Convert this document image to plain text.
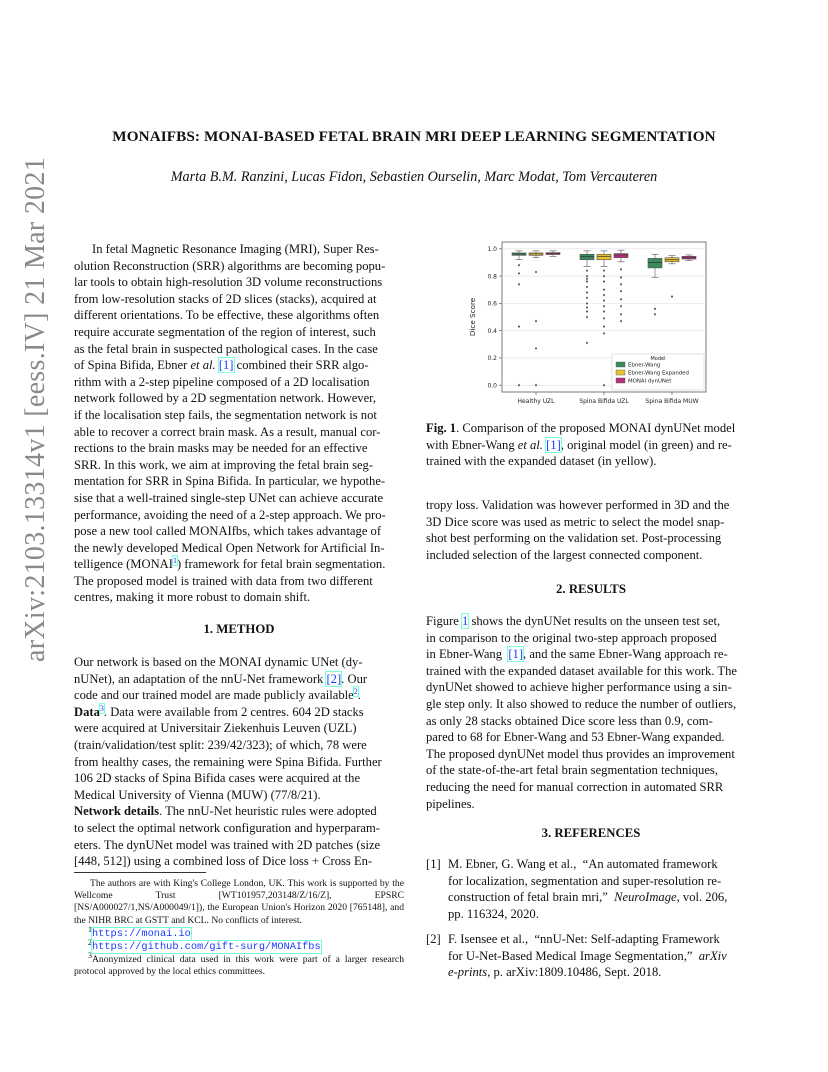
arXiv:2103.13314v1 [eess.IV] 21 Mar 2021
MONAIFBS: MONAI-BASED FETAL BRAIN MRI DEEP LEARNING SEGMENTATION
Marta B.M. Ranzini, Lucas Fidon, Sebastien Ourselin, Marc Modat, Tom Vercauteren

In fetal Magnetic Resonance Imaging (MRI), Super Res-

olution Reconstruction (SRR) algorithms are becoming popu-

lar tools to obtain high-resolution 3D volume reconstructions

from low-resolution stacks of 2D slices (stacks), acquired at

different orientations. To be effective, these algorithms often

require accurate segmentation of the region of interest, such

as the fetal brain in suspected pathological cases. In the case

of Spina Bifida, Ebner et al. [1] combined their SRR algo-

rithm with a 2-step pipeline composed of a 2D localisation

network followed by a 2D segmentation network. However,

if the localisation step fails, the segmentation network is not

able to recover a correct brain mask. As a result, manual cor-

rections to the brain masks may be needed for an effective

SRR. In this work, we aim at improving the fetal brain seg-

mentation for SRR in Spina Bifida. In particular, we hypothe-

sise that a well-trained single-step UNet can achieve accurate

performance, avoiding the need of a 2-step approach. We pro-

pose a new tool called MONAIfbs, which takes advantage of

the newly developed Medical Open Network for Artificial In-

telligence (MONAI$^1$) framework for fetal brain segmentation.

The proposed model is trained with data from two different

centres, making it more robust to domain shift.

1. METHOD

Our network is based on the MONAI dynamic UNet (dy-

nUNet), an adaptation of the nnU-Net framework [2]. Our

code and our trained model are made publicly available$^2$.

Data$^3$. Data were available from 2 centres. 604 2D stacks

were acquired at Universitair Ziekenhuis Leuven (UZL)

(train/validation/test split: 239/42/323); of which, 78 were

from healthy cases, the remaining were Spina Bifida. Further

106 2D stacks of Spina Bifida cases were acquired at the

Medical University of Vienna (MUW) (77/8/21).

Network details. The nnU-Net heuristic rules were adopted

to select the optimal network configuration and hyperparam-

eters. The dynUNet model was trained with 2D patches (size

[448, 512]) using a combined loss of Dice loss + Cross En-

The authors are with King's College London, UK. This work is supported by the Wellcome Trust [WT101957,203148/Z/16/Z], EPSRC [NS/A000027/1,NS/A000049/1]), the European Union's Horizon 2020 [765148], and the NIHR BRC at GSTT and KCL. No conflicts of interest.

$^1$https://monai.io

$^2$https://github.com/gift-surg/MONAIfbs

$^3$Anonymized clinical data used in this work were part of a larger research protocol approved by the local ethics committees.

0.0
0.2
0.4
0.6
0.8
1.0
Dice Score
Healthy UZL	Spina Bifida UZL	Spina Bifida MUW
Model
Ebner-Wang
Ebner-Wang Expanded
MONAI dynUNet

Fig. 1. Comparison of the proposed MONAI dynUNet model

with Ebner-Wang et al. [1], original model (in green) and re-

trained with the expanded dataset (in yellow).

tropy loss. Validation was however performed in 3D and the

3D Dice score was used as metric to select the model snap-

shot best performing on the validation set. Post-processing

included selection of the largest connected component.

2. RESULTS

Figure 1 shows the dynUNet results on the unseen test set,

in comparison to the original two-step approach proposed

in Ebner-Wang  [1], and the same Ebner-Wang approach re-

trained with the expanded dataset available for this work. The

dynUNet showed to achieve higher performance using a sin-

gle step only. It also showed to reduce the number of outliers,

as only 28 stacks obtained Dice score less than 0.9, com-

pared to 68 for Ebner-Wang and 53 Ebner-Wang expanded.

The proposed dynUNet model thus provides an improvement

of the state-of-the-art fetal brain segmentation techniques,

reducing the need for manual correction in automated SRR

pipelines.

3. REFERENCES
[1] M. Ebner, G. Wang et al.,  “An automated framework
for localization, segmentation and super-resolution re-
construction of fetal brain mri,”  NeuroImage, vol. 206,
pp. 116324, 2020.
[2] F. Isensee et al.,  “nnU-Net: Self-adapting Framework
for U-Net-Based Medical Image Segmentation,”  arXiv
e-prints, p. arXiv:1809.10486, Sept. 2018.
